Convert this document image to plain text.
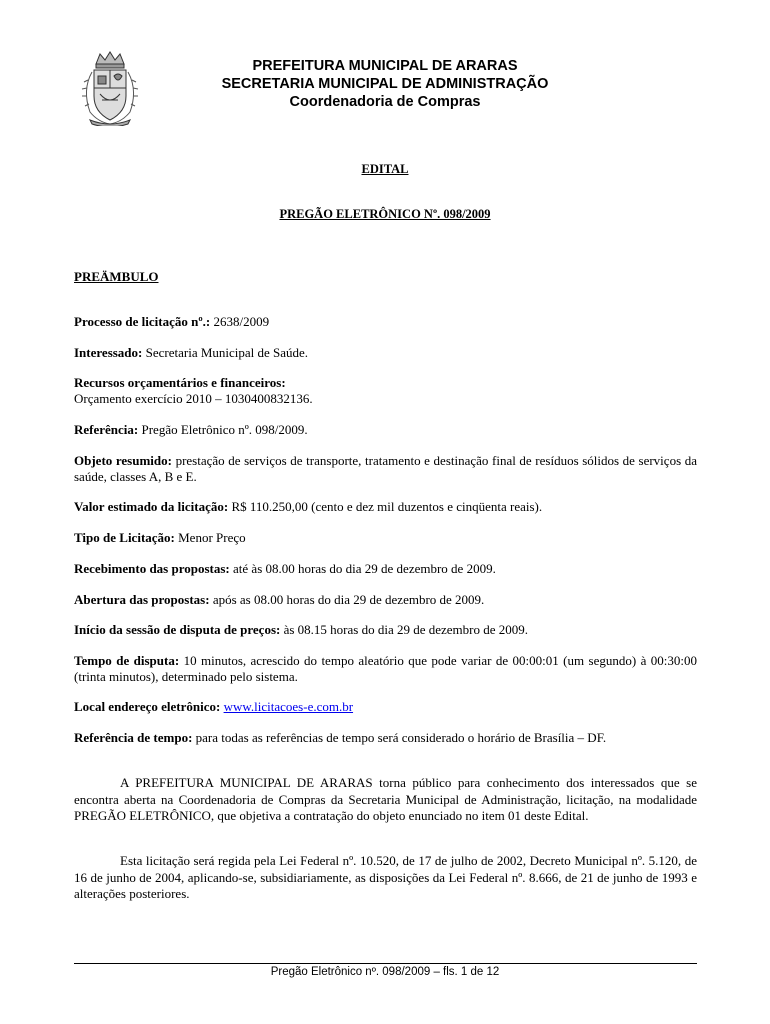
PREFEITURA MUNICIPAL DE ARARAS
SECRETARIA MUNICIPAL DE ADMINISTRAÇÃO
Coordenadoria de Compras
EDITAL
PREGÃO ELETRÔNICO Nº. 098/2009
PREÄMBULO
Processo de licitação nº.: 2638/2009
Interessado: Secretaria Municipal de Saúde.
Recursos orçamentários e financeiros:
Orçamento exercício 2010 – 1030400832136.
Referência: Pregão Eletrônico nº. 098/2009.
Objeto resumido: prestação de serviços de transporte, tratamento e destinação final de resíduos sólidos de serviços da saúde, classes A, B e E.
Valor estimado da licitação: R$ 110.250,00 (cento e dez mil duzentos e cinqüenta reais).
Tipo de Licitação: Menor Preço
Recebimento das propostas: até às 08.00 horas do dia 29 de dezembro de 2009.
Abertura das propostas: após as 08.00 horas do dia 29 de dezembro de 2009.
Início da sessão de disputa de preços: às 08.15 horas do dia 29 de dezembro de 2009.
Tempo de disputa: 10 minutos, acrescido do tempo aleatório que pode variar de 00:00:01 (um segundo) à 00:30:00 (trinta minutos), determinado pelo sistema.
Local endereço eletrônico: www.licitacoes-e.com.br
Referência de tempo: para todas as referências de tempo será considerado o horário de Brasília – DF.
A PREFEITURA MUNICIPAL DE ARARAS torna público para conhecimento dos interessados que se encontra aberta na Coordenadoria de Compras da Secretaria Municipal de Administração, licitação, na modalidade PREGÃO ELETRÔNICO, que objetiva a contratação do objeto enunciado no item 01 deste Edital.
Esta licitação será regida pela Lei Federal nº. 10.520, de 17 de julho de 2002, Decreto Municipal nº. 5.120, de 16 de junho de 2004, aplicando-se, subsidiariamente, as disposições da Lei Federal nº. 8.666, de 21 de junho de 1993 e alterações posteriores.
Pregão Eletrônico nº. 098/2009 – fls. 1 de 12
